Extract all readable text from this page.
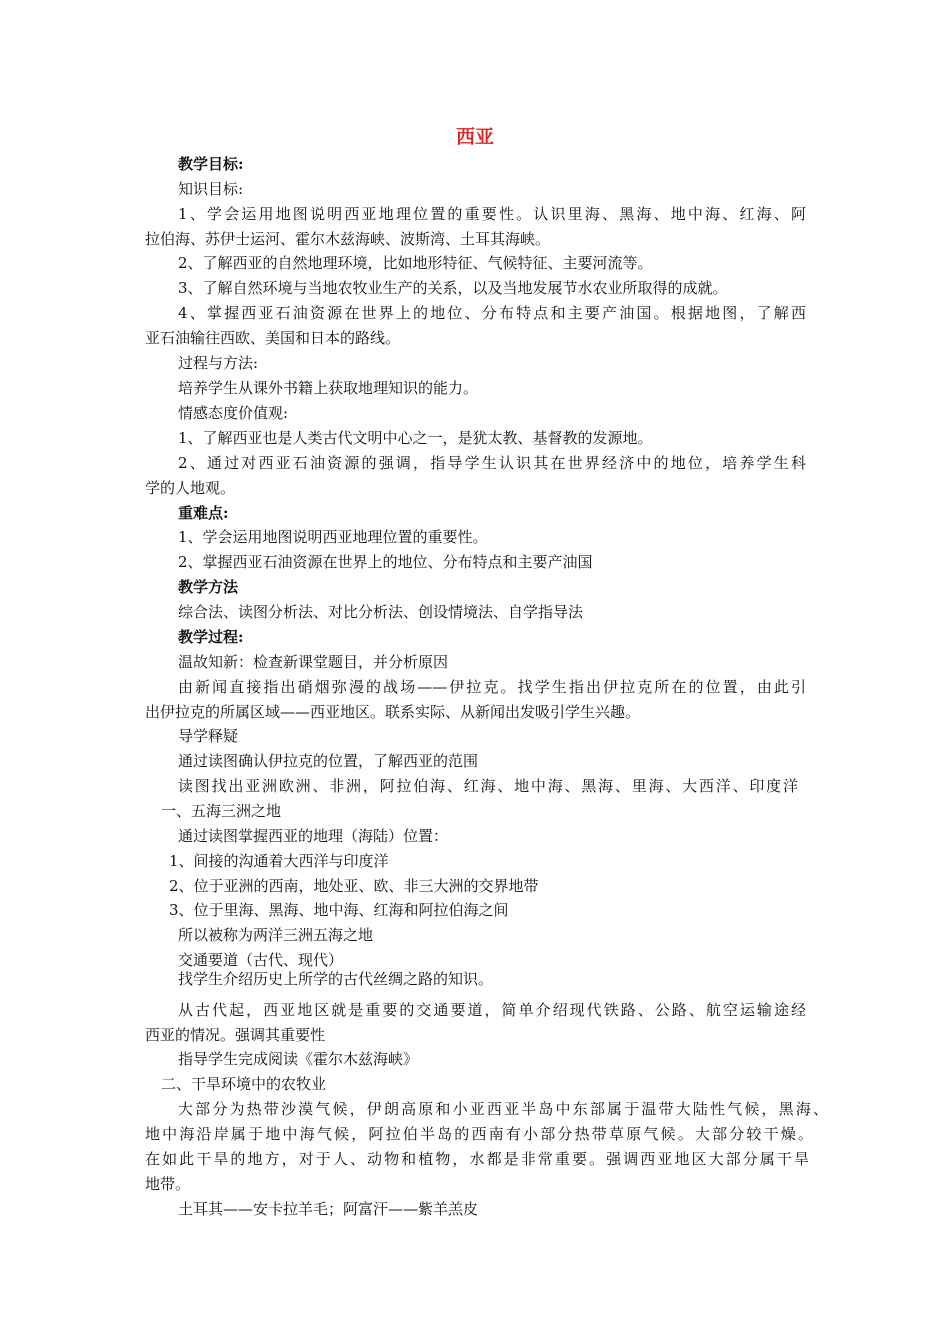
西亚
教学目标:
知识目标:
1、学会运用地图说明西亚地理位置的重要性。认识里海、黑海、地中海、红海、阿
拉伯海、苏伊士运河、霍尔木兹海峡、波斯湾、土耳其海峡。
2、了解西亚的自然地理环境，比如地形特征、气候特征、主要河流等。
3、了解自然环境与当地农牧业生产的关系，以及当地发展节水农业所取得的成就。
4、掌握西亚石油资源在世界上的地位、分布特点和主要产油国。根据地图，了解西
亚石油输往西欧、美国和日本的路线。
过程与方法:
培养学生从课外书籍上获取地理知识的能力。
情感态度价值观:
1、了解西亚也是人类古代文明中心之一，是犹太教、基督教的发源地。
2、通过对西亚石油资源的强调，指导学生认识其在世界经济中的地位，培养学生科
学的人地观。
重难点:
1、学会运用地图说明西亚地理位置的重要性。
2、掌握西亚石油资源在世界上的地位、分布特点和主要产油国
教学方法
综合法、读图分析法、对比分析法、创设情境法、自学指导法
教学过程:
温故知新：检查新课堂题目，并分析原因
由新闻直接指出硝烟弥漫的战场——伊拉克。找学生指出伊拉克所在的位置，由此引
出伊拉克的所属区域——西亚地区。联系实际、从新闻出发吸引学生兴趣。
导学释疑
通过读图确认伊拉克的位置，了解西亚的范围
读图找出亚洲欧洲、非洲，阿拉伯海、红海、地中海、黑海、里海、大西洋、印度洋
一、五海三洲之地
通过读图掌握西亚的地理（海陆）位置：
1、间接的沟通着大西洋与印度洋
2、位于亚洲的西南，地处亚、欧、非三大洲的交界地带
3、位于里海、黑海、地中海、红海和阿拉伯海之间
所以被称为两洋三洲五海之地
交通要道（古代、现代）
找学生介绍历史上所学的古代丝绸之路的知识。
从古代起，西亚地区就是重要的交通要道，简单介绍现代铁路、公路、航空运输途经
西亚的情况。强调其重要性
指导学生完成阅读《霍尔木兹海峡》
二、干旱环境中的农牧业
大部分为热带沙漠气候，伊朗高原和小亚西亚半岛中东部属于温带大陆性气候，黑海、
地中海沿岸属于地中海气候，阿拉伯半岛的西南有小部分热带草原气候。大部分较干燥。
在如此干旱的地方，对于人、动物和植物，水都是非常重要。强调西亚地区大部分属干旱
地带。
土耳其——安卡拉羊毛；阿富汗——紫羊羔皮
